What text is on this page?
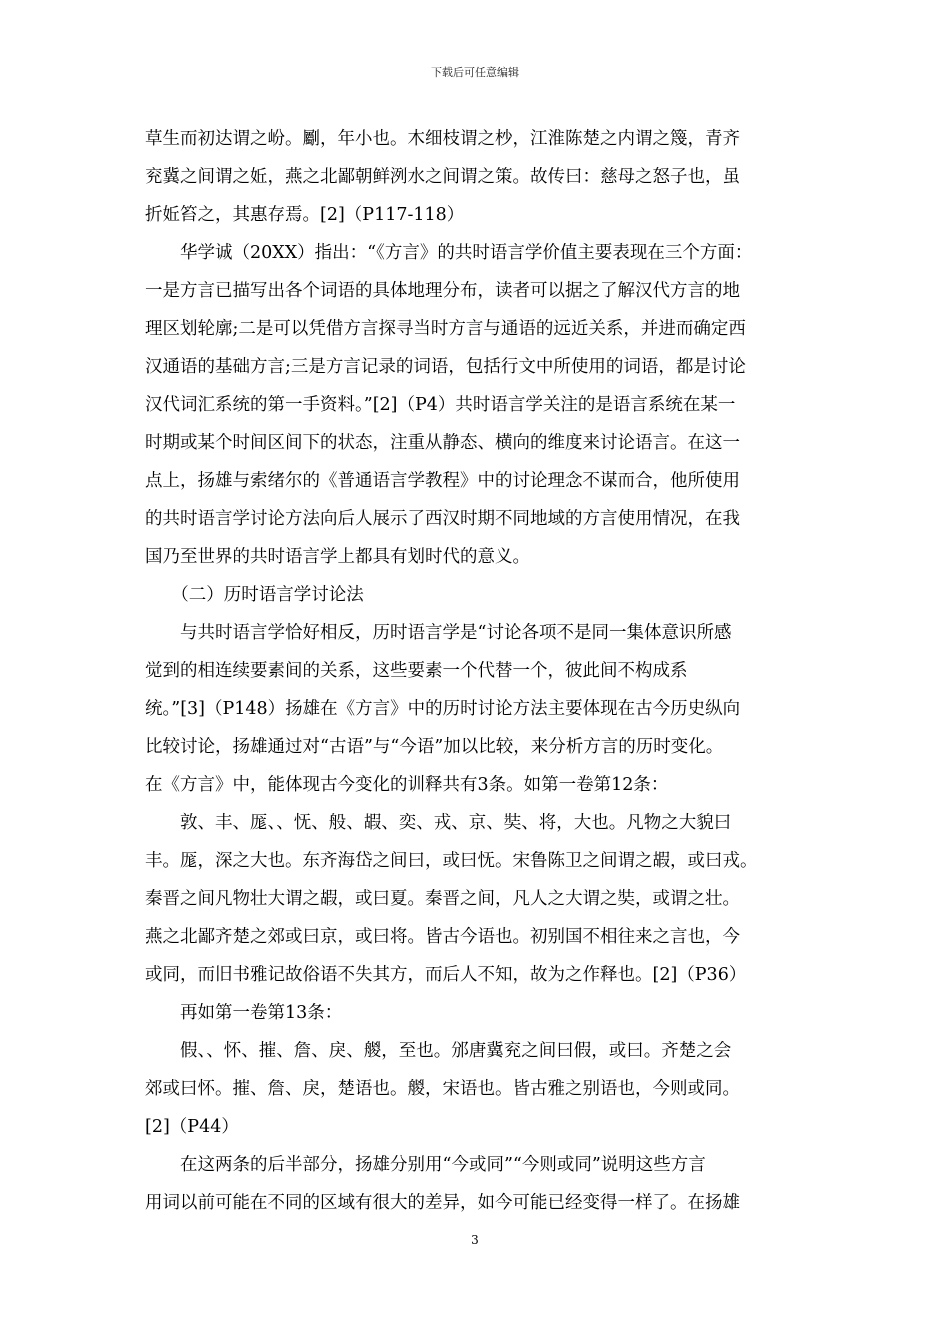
下载后可任意编辑
草生而初达谓之岎。劚，年小也。木细枝谓之杪，江淮陈楚之内谓之篾，青齐
兖冀之间谓之㚱，燕之北鄙朝鲜洌水之间谓之策。故传曰：慈母之怒子也，虽
折㚱笞之，其惠存焉。[2]（P117-118）
　　华学诚（20XX）指出：“《方言》的共时语言学价值主要表现在三个方面：
一是方言已描写出各个词语的具体地理分布，读者可以据之了解汉代方言的地
理区划轮廓;二是可以凭借方言探寻当时方言与通语的远近关系，并进而确定西
汉通语的基础方言;三是方言记录的词语，包括行文中所使用的词语，都是讨论
汉代词汇系统的第一手资料。”[2]（P4）共时语言学关注的是语言系统在某一
时期或某个时间区间下的状态，注重从静态、横向的维度来讨论语言。在这一
点上，扬雄与索绪尔的《普通语言学教程》中的讨论理念不谋而合，他所使用
的共时语言学讨论方法向后人展示了西汉时期不同地域的方言使用情况，在我
国乃至世界的共时语言学上都具有划时代的意义。
　　（二）历时语言学讨论法
　　与共时语言学恰好相反，历时语言学是“讨论各项不是同一集体意识所感
觉到的相连续要素间的关系，这些要素一个代替一个，彼此间不构成系
统。”[3]（P148）扬雄在《方言》中的历时讨论方法主要体现在古今历史纵向
比较讨论，扬雄通过对“古语”与“今语”加以比较，来分析方言的历时变化。
在《方言》中，能体现古今变化的训释共有3条。如第一卷第12条：
　　敦、丰、厖、、怃、般、嘏、奕、戎、京、奘、将，大也。凡物之大貌曰
丰。厖，深之大也。东齐海岱之间曰，或曰怃。宋鲁陈卫之间谓之嘏，或曰戎。
秦晋之间凡物壮大谓之嘏，或曰夏。秦晋之间，凡人之大谓之奘，或谓之壮。
燕之北鄙齐楚之郊或曰京，或曰将。皆古今语也。初别国不相往来之言也，今
或同，而旧书雅记故俗语不失其方，而后人不知，故为之作释也。[2]（P36）
　　再如第一卷第13条：
　　假、、怀、摧、詹、戾、艐，至也。邠唐冀兖之间曰假，或曰。齐楚之会
郊或曰怀。摧、詹、戾，楚语也。艐，宋语也。皆古雅之别语也，今则或同。
[2]（P44）
　　在这两条的后半部分，扬雄分别用“今或同”“今则或同”说明这些方言
用词以前可能在不同的区域有很大的差异，如今可能已经变得一样了。在扬雄
3
